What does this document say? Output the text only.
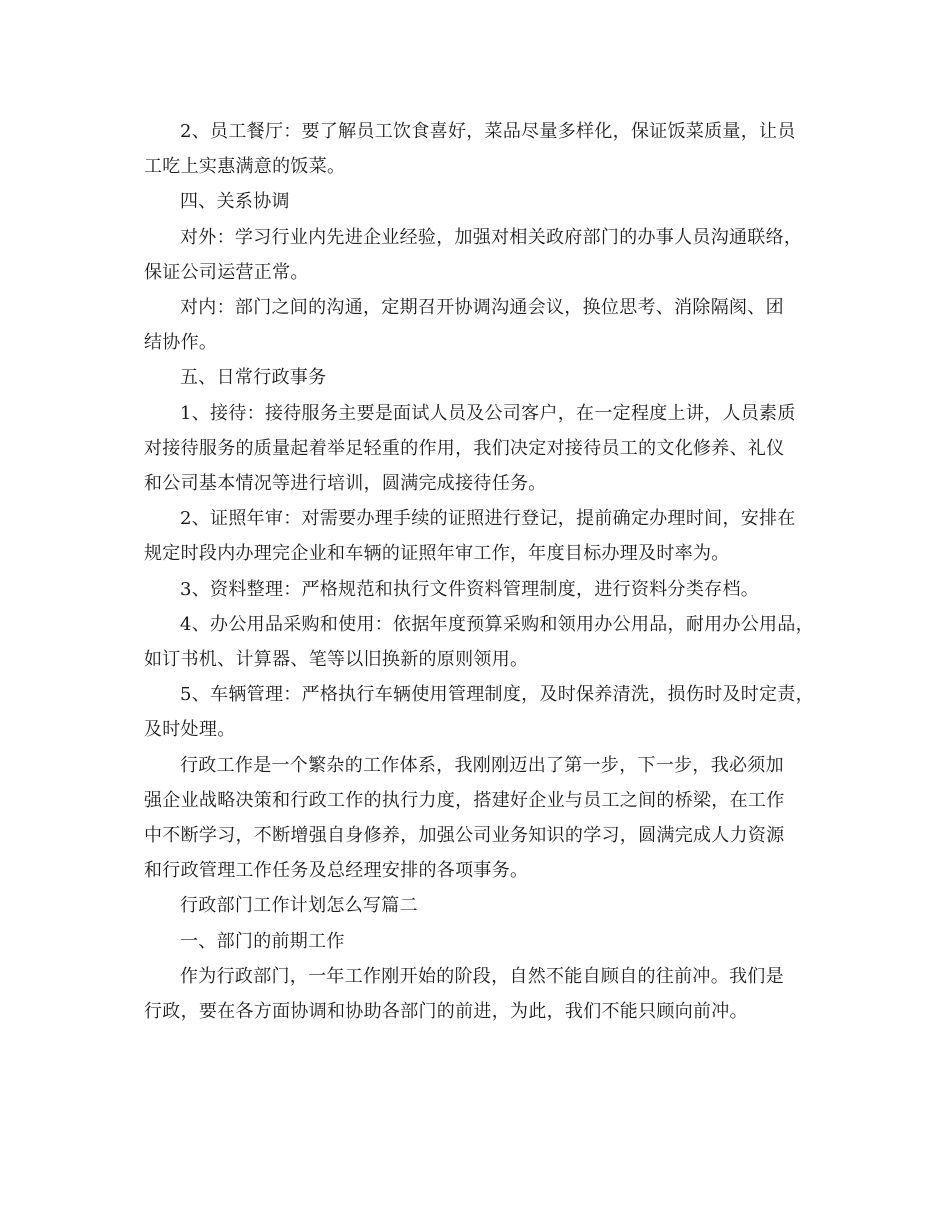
2、员工餐厅：要了解员工饮食喜好，菜品尽量多样化，保证饭菜质量，让员
工吃上实惠满意的饭菜。

四、关系协调

对外：学习行业内先进企业经验，加强对相关政府部门的办事人员沟通联络，
保证公司运营正常。

对内：部门之间的沟通，定期召开协调沟通会议，换位思考、消除隔阂、团
结协作。

五、日常行政事务

1、接待：接待服务主要是面试人员及公司客户，在一定程度上讲，人员素质
对接待服务的质量起着举足轻重的作用，我们决定对接待员工的文化修养、礼仪
和公司基本情况等进行培训，圆满完成接待任务。

2、证照年审：对需要办理手续的证照进行登记，提前确定办理时间，安排在
规定时段内办理完企业和车辆的证照年审工作，年度目标办理及时率为。

3、资料整理：严格规范和执行文件资料管理制度，进行资料分类存档。

4、办公用品采购和使用：依据年度预算采购和领用办公用品，耐用办公用品，
如订书机、计算器、笔等以旧换新的原则领用。

5、车辆管理：严格执行车辆使用管理制度，及时保养清洗，损伤时及时定责，
及时处理。

行政工作是一个繁杂的工作体系，我刚刚迈出了第一步，下一步，我必须加
强企业战略决策和行政工作的执行力度，搭建好企业与员工之间的桥梁，在工作
中不断学习，不断增强自身修养，加强公司业务知识的学习，圆满完成人力资源
和行政管理工作任务及总经理安排的各项事务。

行政部门工作计划怎么写篇二

一、部门的前期工作

作为行政部门，一年工作刚开始的阶段，自然不能自顾自的往前冲。我们是
行政，要在各方面协调和协助各部门的前进，为此，我们不能只顾向前冲。
